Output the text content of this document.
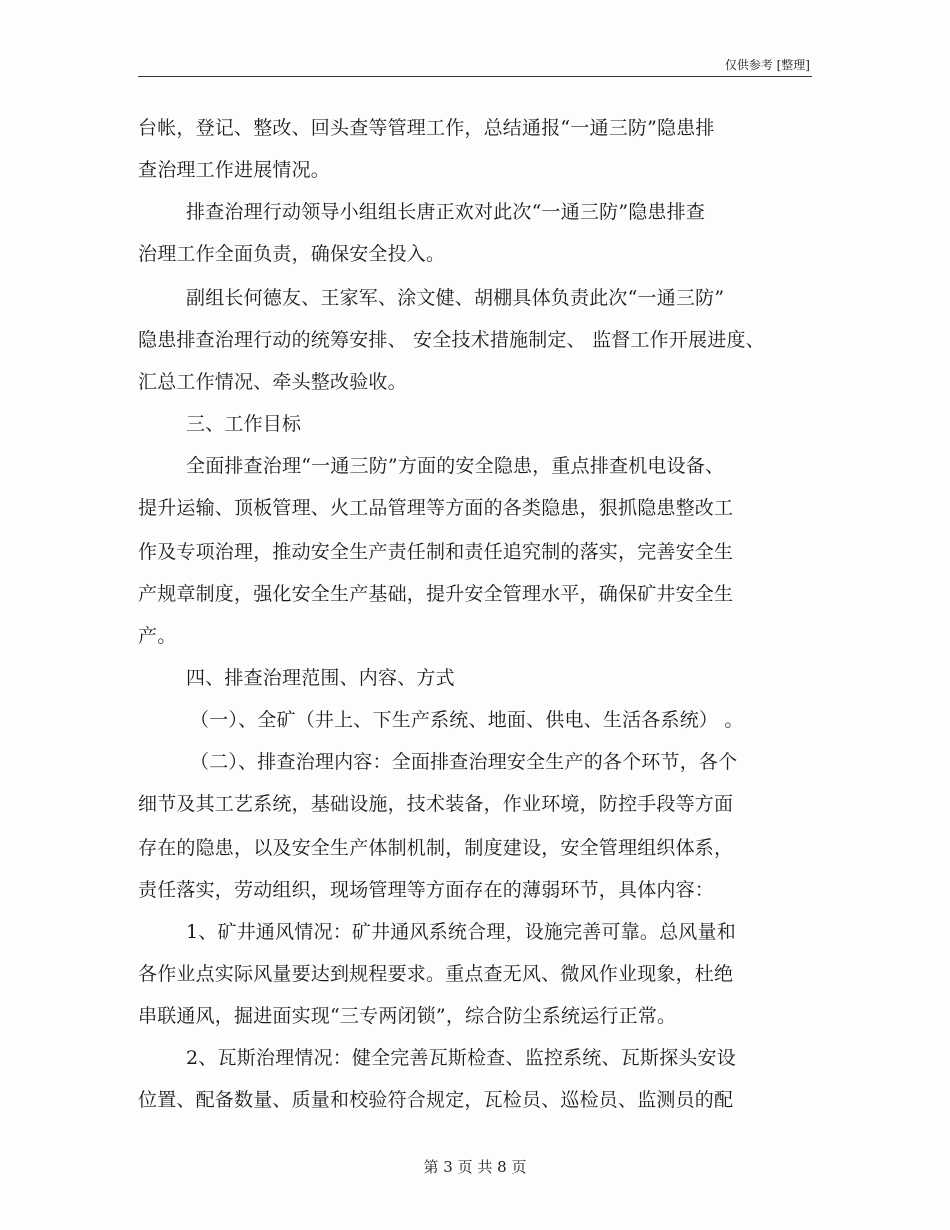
仅供参考 [整理]
台帐，登记、整改、回头查等管理工作，总结通报“一通三防”隐患排
查治理工作进展情况。
排查治理行动领导小组组长唐正欢对此次“一通三防”隐患排查
治理工作全面负责，确保安全投入。
副组长何德友、王家军、涂文健、胡棚具体负责此次“一通三防”
隐患排查治理行动的统筹安排、 安全技术措施制定、 监督工作开展进度、
汇总工作情况、牵头整改验收。
三、工作目标
全面排查治理“一通三防”方面的安全隐患，重点排查机电设备、
提升运输、顶板管理、火工品管理等方面的各类隐患，狠抓隐患整改工
作及专项治理，推动安全生产责任制和责任追究制的落实，完善安全生
产规章制度，强化安全生产基础，提升安全管理水平，确保矿井安全生
产。
四、排查治理范围、内容、方式
（一）、全矿（井上、下生产系统、地面、供电、生活各系统） 。
（二）、排查治理内容：全面排查治理安全生产的各个环节，各个
细节及其工艺系统，基础设施，技术装备，作业环境，防控手段等方面
存在的隐患，以及安全生产体制机制，制度建设，安全管理组织体系，
责任落实，劳动组织，现场管理等方面存在的薄弱环节，具体内容：
1、矿井通风情况：矿井通风系统合理，设施完善可靠。总风量和
各作业点实际风量要达到规程要求。重点查无风、微风作业现象，杜绝
串联通风，掘进面实现“三专两闭锁”，综合防尘系统运行正常。
2、瓦斯治理情况：健全完善瓦斯检查、监控系统、瓦斯探头安设
位置、配备数量、质量和校验符合规定，瓦检员、巡检员、监测员的配
第 3 页 共 8 页
